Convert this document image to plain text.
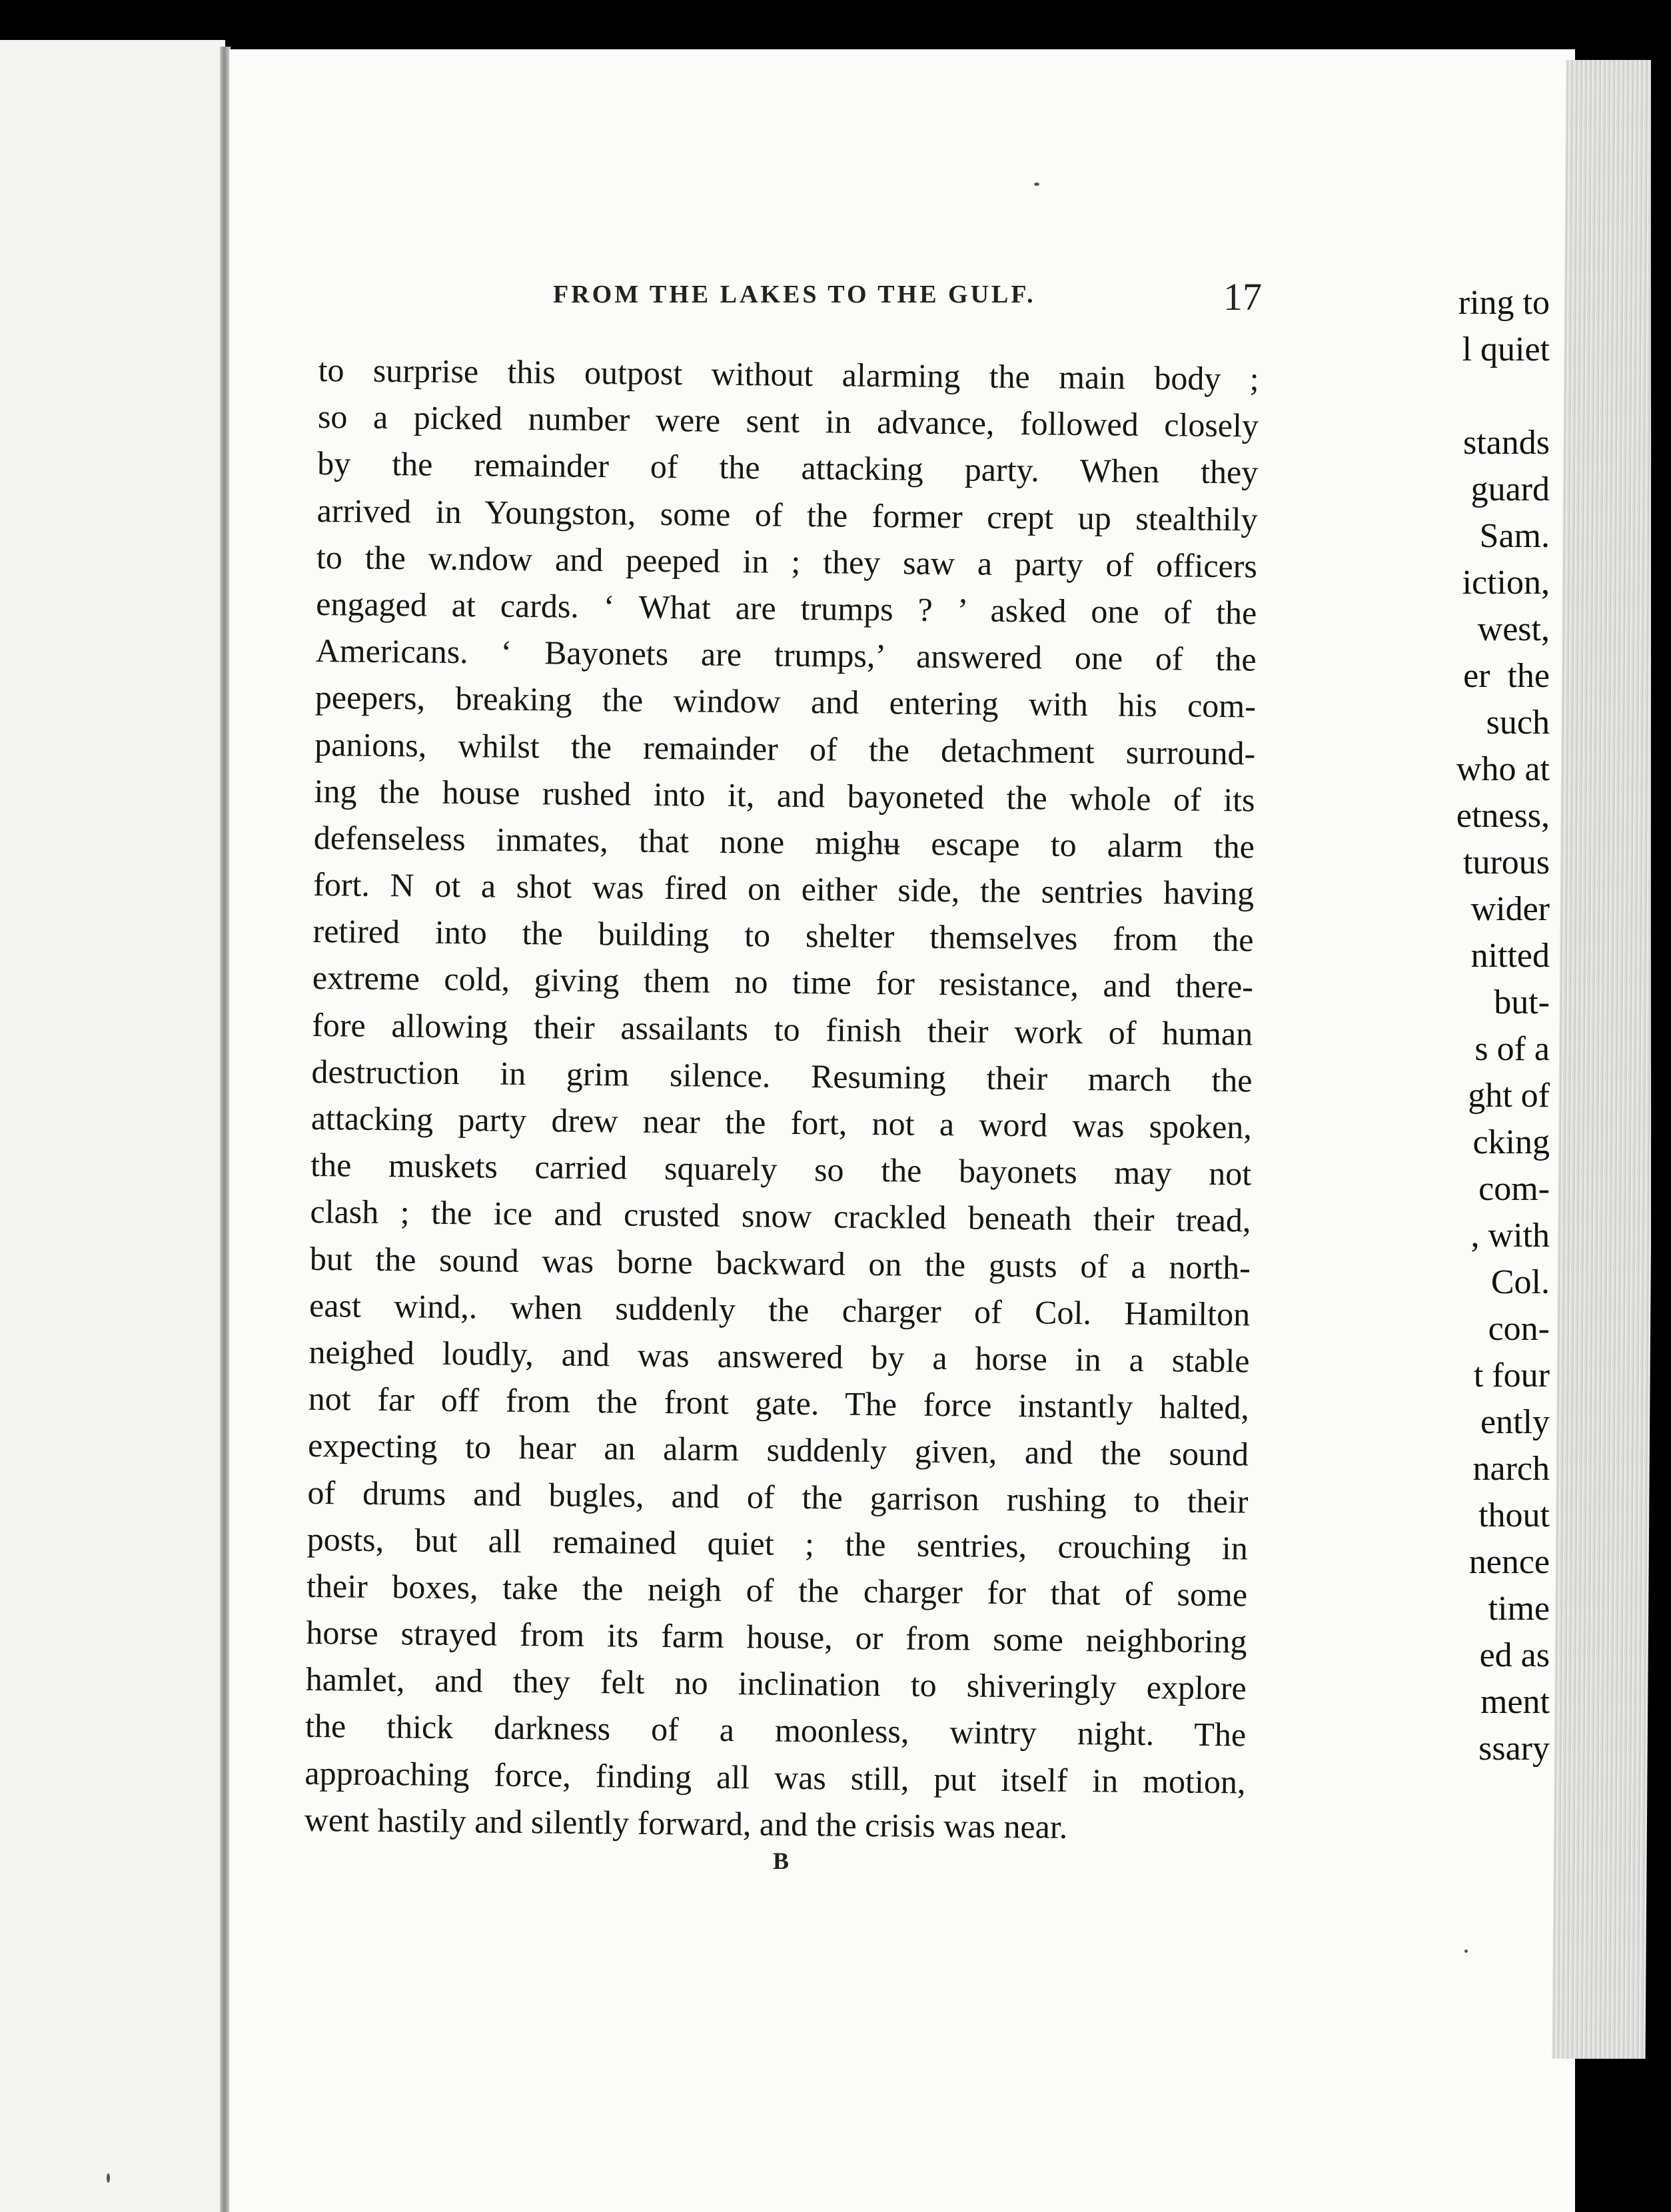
ring to
l quiet
stands
guard
Sam.
iction,
west,
er  the
such
who at
etness,
turous
wider
nitted
but-
s of a
ght of
cking
com-
, with
Col.
con-
t four
ently
narch
thout
nence
time
ed as
ment
ssary
FROM THE LAKES TO THE GULF.	17
to surprise this outpost without alarming the main body ;
so a picked number were sent in advance, followed closely
by the remainder of the attacking party. When they
arrived in Youngston, some of the former crept up stealthily
to the w.ndow and peeped in ; they saw a party of officers
engaged at cards. ‘ What are trumps ? ’ asked one of the
Americans. ‘ Bayonets are trumps,’ answered one of the
peepers, breaking the window and entering with his com-
panions, whilst the remainder of the detachment surround-
ing the house rushed into it, and bayoneted the whole of its
defenseless inmates, that none mighʉ escape to alarm the
fort. N ot a shot was fired on either side, the sentries having
retired into the building to shelter themselves from the
extreme cold, giving them no time for resistance, and there-
fore allowing their assailants to finish their work of human
destruction in grim silence. Resuming their march the
attacking party drew near the fort, not a word was spoken,
the muskets carried squarely so the bayonets may not
clash ; the ice and crusted snow crackled beneath their tread,
but the sound was borne backward on the gusts of a north-
east wind,. when suddenly the charger of Col. Hamilton
neighed loudly, and was answered by a horse in a stable
not far off from the front gate. The force instantly halted,
expecting to hear an alarm suddenly given, and the sound
of drums and bugles, and of the garrison rushing to their
posts, but all remained quiet ; the sentries, crouching in
their boxes, take the neigh of the charger for that of some
horse strayed from its farm house, or from some neighboring
hamlet, and they felt no inclination to shiveringly explore
the thick darkness of a moonless, wintry night. The
approaching force, finding all was still, put itself in motion,
went hastily and silently forward, and the crisis was near.
B
